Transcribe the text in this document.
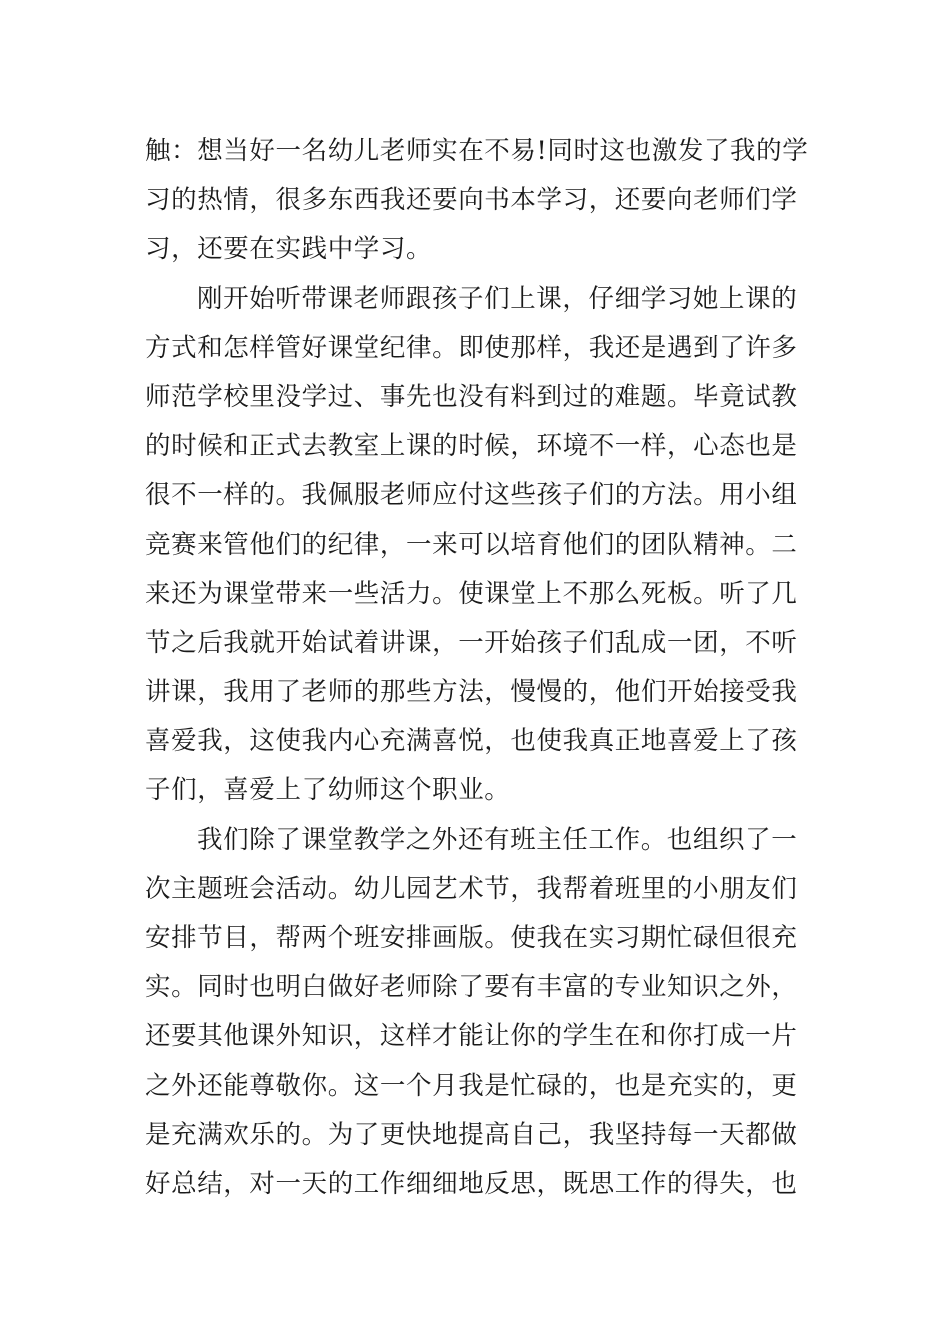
触：想当好一名幼儿老师实在不易!同时这也激发了我的学
习的热情，很多东西我还要向书本学习，还要向老师们学
习，还要在实践中学习。
刚开始听带课老师跟孩子们上课，仔细学习她上课的
方式和怎样管好课堂纪律。即使那样，我还是遇到了许多
师范学校里没学过、事先也没有料到过的难题。毕竟试教
的时候和正式去教室上课的时候，环境不一样，心态也是
很不一样的。我佩服老师应付这些孩子们的方法。用小组
竞赛来管他们的纪律，一来可以培育他们的团队精神。二
来还为课堂带来一些活力。使课堂上不那么死板。听了几
节之后我就开始试着讲课，一开始孩子们乱成一团，不听
讲课，我用了老师的那些方法，慢慢的，他们开始接受我
喜爱我，这使我内心充满喜悦，也使我真正地喜爱上了孩
子们，喜爱上了幼师这个职业。
我们除了课堂教学之外还有班主任工作。也组织了一
次主题班会活动。幼儿园艺术节，我帮着班里的小朋友们
安排节目，帮两个班安排画版。使我在实习期忙碌但很充
实。同时也明白做好老师除了要有丰富的专业知识之外，
还要其他课外知识，这样才能让你的学生在和你打成一片
之外还能尊敬你。这一个月我是忙碌的，也是充实的，更
是充满欢乐的。为了更快地提高自己，我坚持每一天都做
好总结，对一天的工作细细地反思，既思工作的得失，也
